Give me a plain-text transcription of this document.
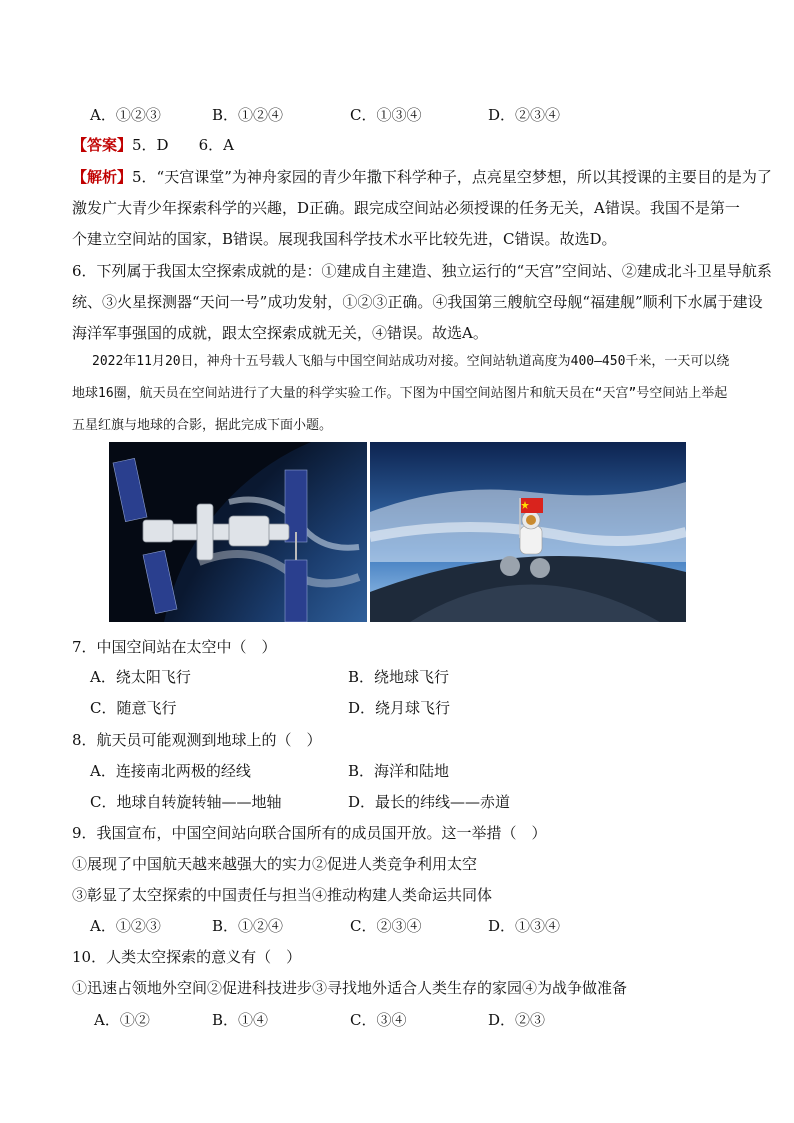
A．①②③	B．①②④	C．①③④	D．②③④
【答案】5．D　　6．A
【解析】5．“天宫课堂”为神舟家园的青少年撒下科学种子，点亮星空梦想，所以其授课的主要目的是为了
激发广大青少年探索科学的兴趣，D正确。跟完成空间站必须授课的任务无关，A错误。我国不是第一
个建立空间站的国家，B错误。展现我国科学技术水平比较先进，C错误。故选D。
6．下列属于我国太空探索成就的是：①建成自主建造、独立运行的“天宫”空间站、②建成北斗卫星导航系
统、③火星探测器“天问一号”成功发射，①②③正确。④我国第三艘航空母舰“福建舰”顺利下水属于建设
海洋军事强国的成就，跟太空探索成就无关，④错误。故选A。
2022年11月20日，神舟十五号载人飞船与中国空间站成功对接。空间站轨道高度为400—450千米，一天可以绕地球16圈，航天员在空间站进行了大量的科学实验工作。下图为中国空间站图片和航天员在“天宫”号空间站上举起五星红旗与地球的合影，据此完成下面小题。
7．中国空间站在太空中（　）
A．绕太阳飞行	B．绕地球飞行
C．随意飞行	D．绕月球飞行
8．航天员可能观测到地球上的（　）
A．连接南北两极的经线	B．海洋和陆地
C．地球自转旋转轴——地轴	D．最长的纬线——赤道
9．我国宣布，中国空间站向联合国所有的成员国开放。这一举措（　）
①展现了中国航天越来越强大的实力②促进人类竞争利用太空
③彰显了太空探索的中国责任与担当④推动构建人类命运共同体
A．①②③	B．①②④	C．②③④	D．①③④
10．人类太空探索的意义有（　）
①迅速占领地外空间②促进科技进步③寻找地外适合人类生存的家园④为战争做准备
A．①②	B．①④	C．③④	D．②③
